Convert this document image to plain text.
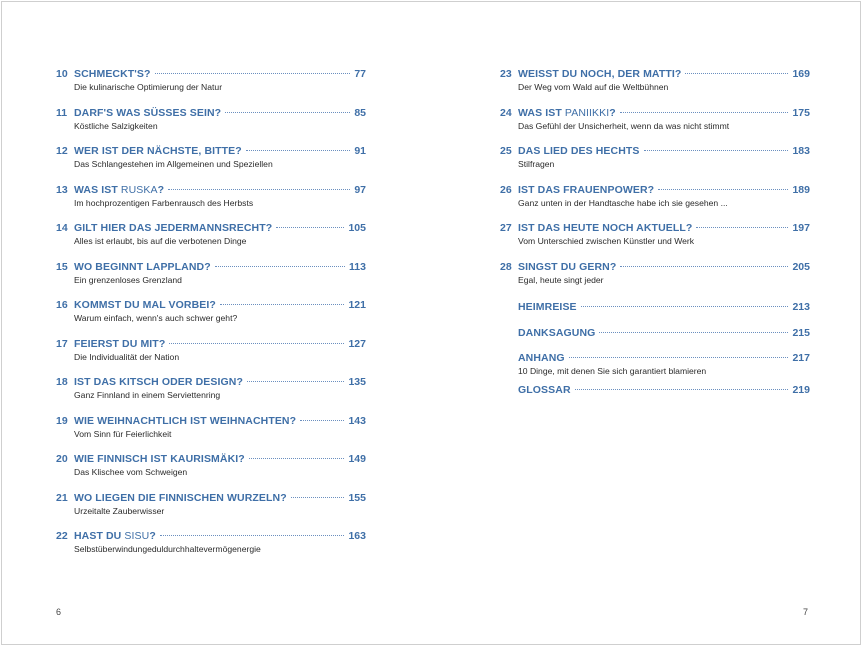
10 SCHMECKT'S?	77
Die kulinarische Optimierung der Natur
11 DARF'S WAS SÜSSES SEIN?	85
Köstliche Salzigkeiten
12 WER IST DER NÄCHSTE, BITTE?	91
Das Schlangestehen im Allgemeinen und Speziellen
13 WAS IST RUSKA?	97
Im hochprozentigen Farbenrausch des Herbsts
14 GILT HIER DAS JEDERMANNSRECHT?	105
Alles ist erlaubt, bis auf die verbotenen Dinge
15 WO BEGINNT LAPPLAND?	113
Ein grenzenloses Grenzland
16 KOMMST DU MAL VORBEI?	121
Warum einfach, wenn's auch schwer geht?
17 FEIERST DU MIT?	127
Die Individualität der Nation
18 IST DAS KITSCH ODER DESIGN?	135
Ganz Finnland in einem Serviettenring
19 WIE WEIHNACHTLICH IST WEIHNACHTEN?	143
Vom Sinn für Feierlichkeit
20 WIE FINNISCH IST KAURISMÄKI?	149
Das Klischee vom Schweigen
21 WO LIEGEN DIE FINNISCHEN WURZELN?	155
Urzeitalte Zauberwisser
22 HAST DU SISU?	163
Selbstüberwindungeduldurchhaltevermögenergie
23 WEISST DU NOCH, DER MATTI?	169
Der Weg vom Wald auf die Weltbühnen
24 WAS IST PANIIKKI?	175
Das Gefühl der Unsicherheit, wenn da was nicht stimmt
25 DAS LIED DES HECHTS	183
Stilfragen
26 IST DAS FRAUENPOWER?	189
Ganz unten in der Handtasche habe ich sie gesehen ...
27 IST DAS HEUTE NOCH AKTUELL?	197
Vom Unterschied zwischen Künstler und Werk
28 SINGST DU GERN?	205
Egal, heute singt jeder
HEIMREISE	213
DANKSAGUNG	215
ANHANG	217
10 Dinge, mit denen Sie sich garantiert blamieren
GLOSSAR	219
6	7
